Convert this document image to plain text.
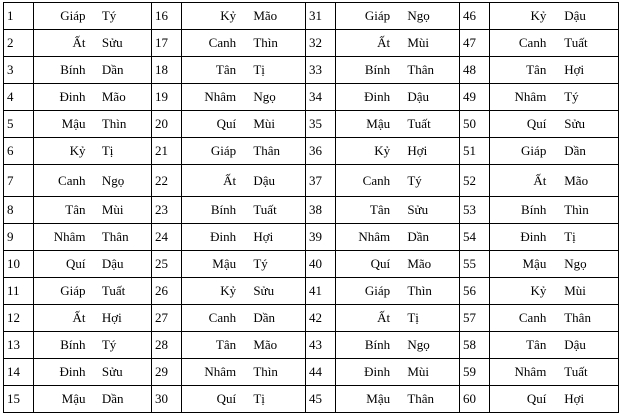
1	Giáp Tý	16	Kỷ Mão	31	Giáp Ngọ	46	Kỷ Dậu

2	Ất Sửu	17	Canh Thìn	32	Ất Mùi	47	Canh Tuất

3	Bính Dần	18	Tân Tị	33	Bính Thân	48	Tân Hợi

4	Đinh Mão	19	Nhâm Ngọ	34	Đinh Dậu	49	Nhâm Tý

5	Mậu Thìn	20	Quí Mùi	35	Mậu Tuất	50	Quí Sửu

6	Kỷ Tị	21	Giáp Thân	36	Kỷ Hợi	51	Giáp Dần

7	Canh Ngọ	22	Ất Dậu	37	Canh Tý	52	Ất Mão

8	Tân Mùi	23	Bính Tuất	38	Tân Sửu	53	Bính Thìn

9	Nhâm Thân	24	Đinh Hợi	39	Nhâm Dần	54	Đinh Tị

10	Quí Dậu	25	Mậu Tý	40	Quí Mão	55	Mậu Ngọ

11	Giáp Tuất	26	Kỷ Sửu	41	Giáp Thìn	56	Kỷ Mùi

12	Ất Hợi	27	Canh Dần	42	Ất Tị	57	Canh Thân

13	Bính Tý	28	Tân Mão	43	Bính Ngọ	58	Tân Dậu

14	Đinh Sửu	29	Nhâm Thìn	44	Đinh Mùi	59	Nhâm Tuất

15	Mậu Dần	30	Quí Tị	45	Mậu Thân	60	Quí Hợi
